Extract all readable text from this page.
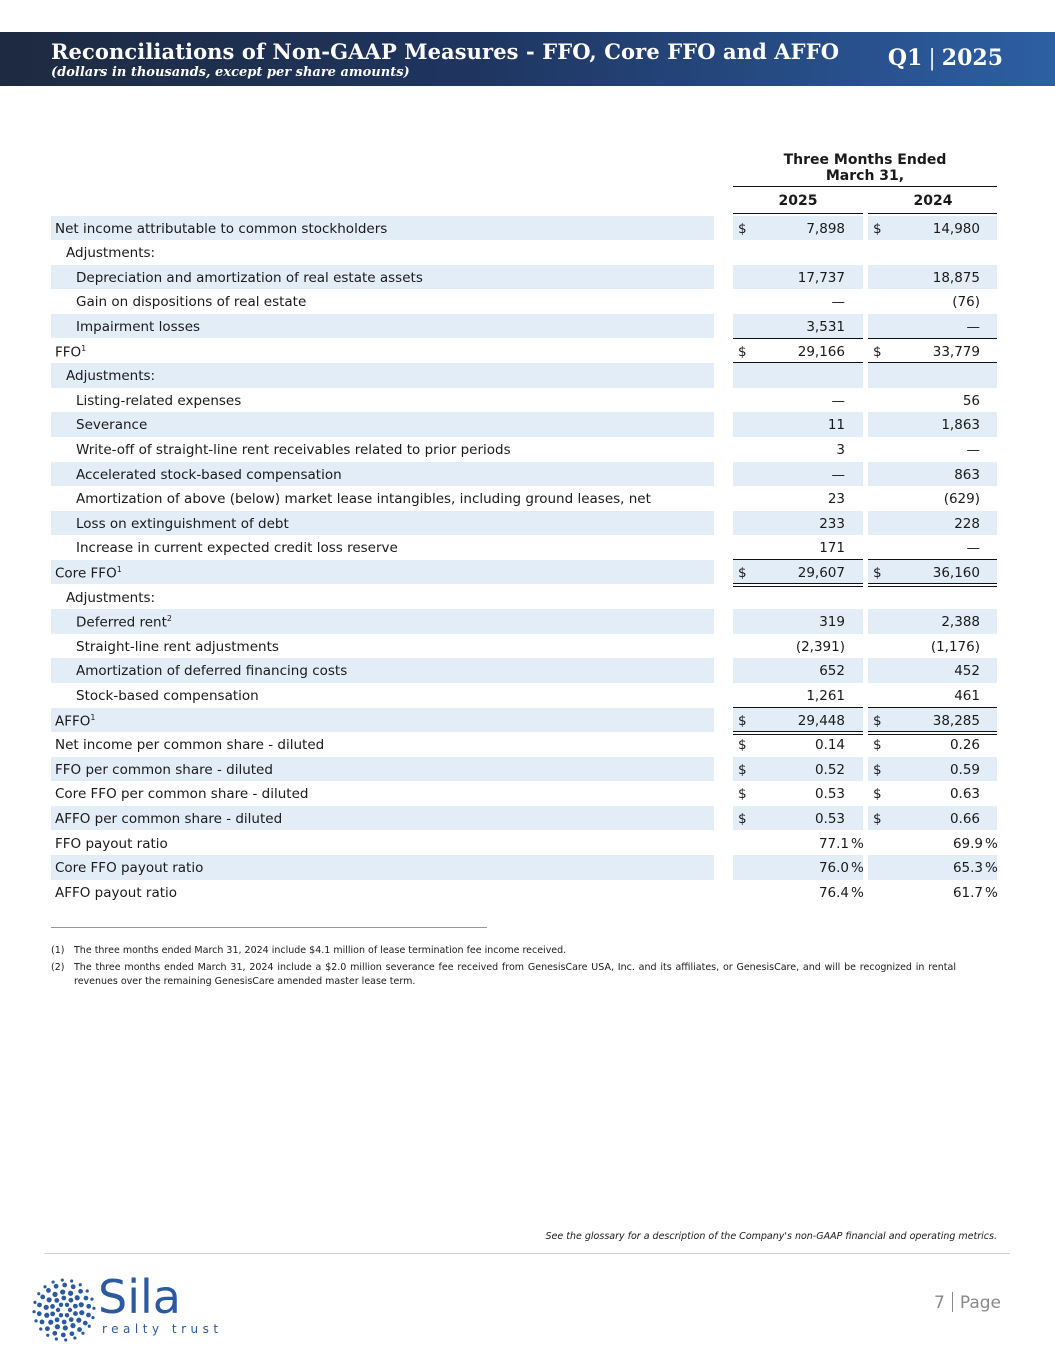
Reconciliations of Non-GAAP Measures - FFO, Core FFO and AFFO
(dollars in thousands, except per share amounts)
Q1 | 2025
Three Months Ended
March 31,
2025	2024
Net income attributable to common stockholders	$	7,898 $	14,980
Adjustments:
Depreciation and amortization of real estate assets	17,737	18,875
Gain on dispositions of real estate	—	(76)
Impairment losses	3,531	—
FFO$^1$	$	29,166 $	33,779
Adjustments:
Listing-related expenses	—	56
Severance	11	1,863
Write-off of straight-line rent receivables related to prior periods	3	—
Accelerated stock-based compensation	—	863
Amortization of above (below) market lease intangibles, including ground leases, net	23	(629)
Loss on extinguishment of debt	233	228
Increase in current expected credit loss reserve	171	—
Core FFO$^1$	$	29,607 $	36,160
Adjustments:
Deferred rent$^2$	319	2,388
Straight-line rent adjustments	(2,391)	(1,176)
Amortization of deferred financing costs	652	452
Stock-based compensation	1,261	461
AFFO$^1$	$	29,448 $	38,285
Net income per common share - diluted	$	0.14 $	0.26
FFO per common share - diluted	$	0.52 $	0.59
Core FFO per common share - diluted	$	0.53 $	0.63
AFFO per common share - diluted	$	0.53 $	0.66
FFO payout ratio	77.1 %	69.9 %
Core FFO payout ratio	76.0 %	65.3 %
AFFO payout ratio	76.4 %	61.7 %
(1) The three months ended March 31, 2024 include $4.1 million of lease termination fee income received.
(2) The three months ended March 31, 2024 include a $2.0 million severance fee received from GenesisCare USA, Inc. and its affiliates, or GenesisCare, and will be recognized in rental revenues over the remaining GenesisCare amended master lease term.
See the glossary for a description of the Company's non-GAAP financial and operating metrics.
Sila
realty trust
7 Page
